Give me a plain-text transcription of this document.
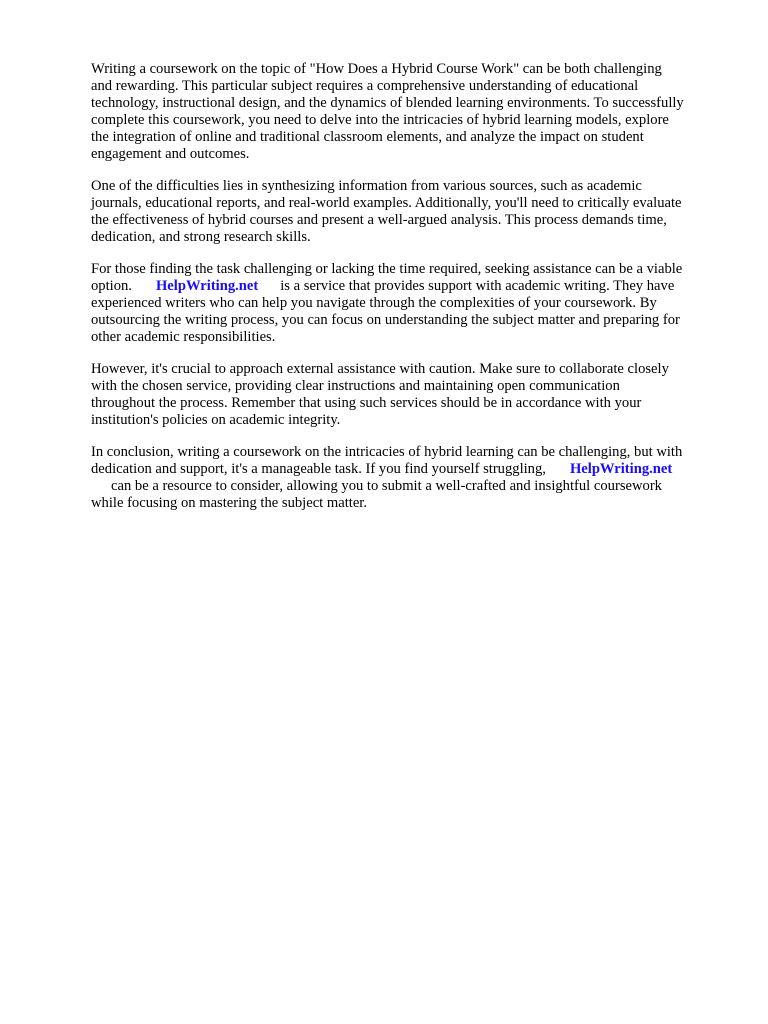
Writing a coursework on the topic of "How Does a Hybrid Course Work" can be both challenging
and rewarding. This particular subject requires a comprehensive understanding of educational
technology, instructional design, and the dynamics of blended learning environments. To successfully
complete this coursework, you need to delve into the intricacies of hybrid learning models, explore
the integration of online and traditional classroom elements, and analyze the impact on student
engagement and outcomes.

One of the difficulties lies in synthesizing information from various sources, such as academic
journals, educational reports, and real-world examples. Additionally, you'll need to critically evaluate
the effectiveness of hybrid courses and present a well-argued analysis. This process demands time,
dedication, and strong research skills.

For those finding the task challenging or lacking the time required, seeking assistance can be a viable
option. HelpWriting.net is a service that provides support with academic writing. They have
experienced writers who can help you navigate through the complexities of your coursework. By
outsourcing the writing process, you can focus on understanding the subject matter and preparing for
other academic responsibilities.

However, it's crucial to approach external assistance with caution. Make sure to collaborate closely
with the chosen service, providing clear instructions and maintaining open communication
throughout the process. Remember that using such services should be in accordance with your
institution's policies on academic integrity.

In conclusion, writing a coursework on the intricacies of hybrid learning can be challenging, but with
dedication and support, it's a manageable task. If you find yourself struggling, HelpWriting.net
can be a resource to consider, allowing you to submit a well-crafted and insightful coursework
while focusing on mastering the subject matter.
